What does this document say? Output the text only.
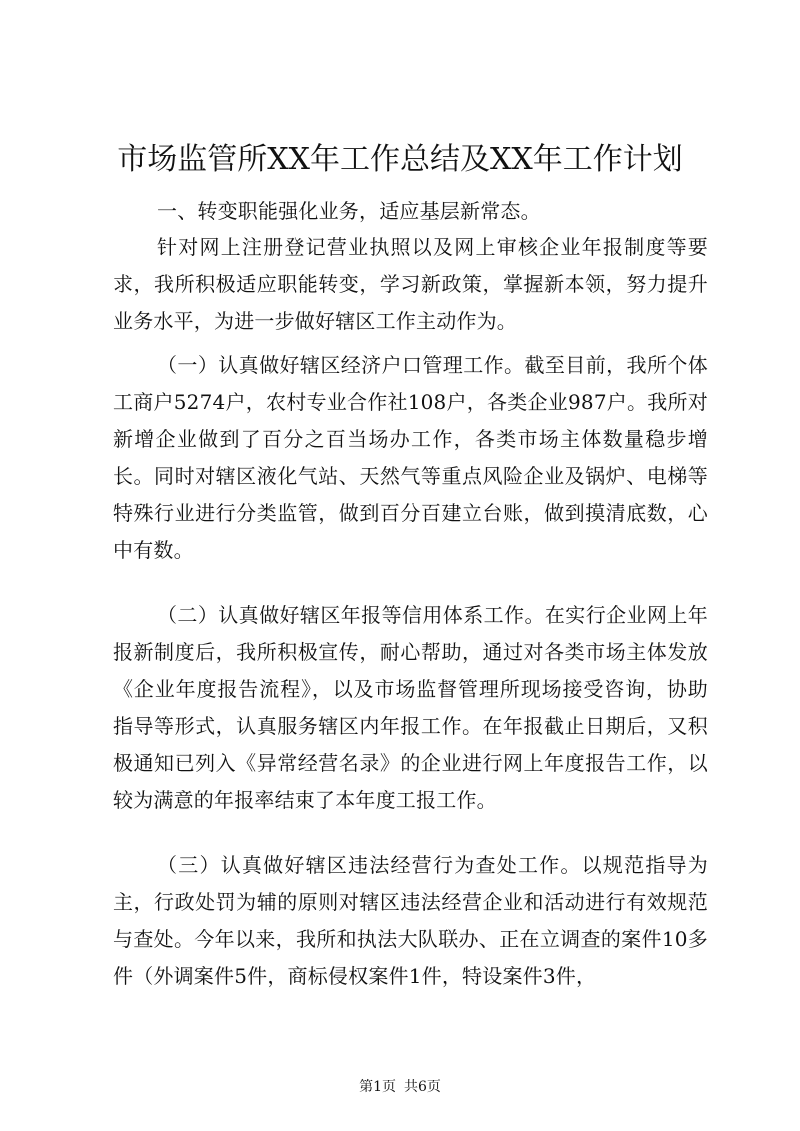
市场监管所XX年工作总结及XX年工作计划

一、转变职能强化业务，适应基层新常态。

针对网上注册登记营业执照以及网上审核企业年报制度等要求，我所积极适应职能转变，学习新政策，掌握新本领，努力提升业务水平，为进一步做好辖区工作主动作为。

（一）认真做好辖区经济户口管理工作。截至目前，我所个体工商户5274户，农村专业合作社108户，各类企业987户。我所对新增企业做到了百分之百当场办工作，各类市场主体数量稳步增长。同时对辖区液化气站、天然气等重点风险企业及锅炉、电梯等特殊行业进行分类监管，做到百分百建立台账，做到摸清底数，心中有数。

（二）认真做好辖区年报等信用体系工作。在实行企业网上年报新制度后，我所积极宣传，耐心帮助，通过对各类市场主体发放《企业年度报告流程》，以及市场监督管理所现场接受咨询，协助指导等形式，认真服务辖区内年报工作。在年报截止日期后，又积极通知已列入《异常经营名录》的企业进行网上年度报告工作，以较为满意的年报率结束了本年度工报工作。

（三）认真做好辖区违法经营行为查处工作。以规范指导为主，行政处罚为辅的原则对辖区违法经营企业和活动进行有效规范与查处。今年以来，我所和执法大队联办、正在立调查的案件10多件（外调案件5件，商标侵权案件1件，特设案件3件，

第1页 共6页
